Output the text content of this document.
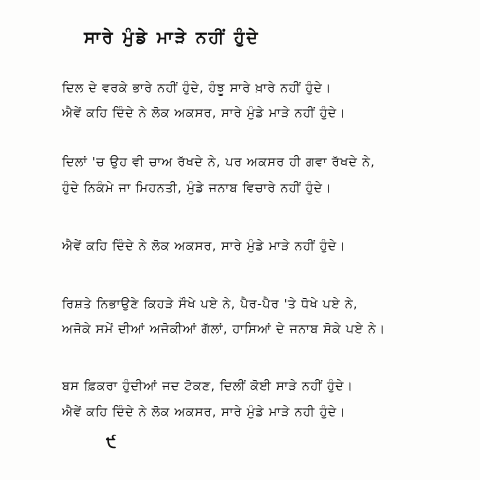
ਸਾਰੇ ਮੁੰਡੇ ਮਾੜੇ ਨਹੀਂ ਹੁੰਦੇ

ਦਿਲ ਦੇ ਵਰਕੇ ਭਾਰੇ ਨਹੀਂ ਹੁੰਦੇ, ਹੰਝੂ ਸਾਰੇ ਖ਼ਾਰੇ ਨਹੀਂ ਹੁੰਦੇ।

ਐਵੇਂ ਕਹਿ ਦਿੰਦੇ ਨੇ ਲੋਕ ਅਕਸਰ, ਸਾਰੇ ਮੁੰਡੇ ਮਾੜੇ ਨਹੀਂ ਹੁੰਦੇ।

ਦਿਲਾਂ 'ਚ ਉਹ ਵੀ ਚਾਅ ਰੱਖਦੇ ਨੇ, ਪਰ ਅਕਸਰ ਹੀ ਗਵਾ ਰੱਖਦੇ ਨੇ,

ਹੁੰਦੇ ਨਿਕੰਮੇ ਜਾ ਮਿਹਨਤੀ, ਮੁੰਡੇ ਜਨਾਬ ਵਿਚਾਰੇ ਨਹੀਂ ਹੁੰਦੇ।

ਐਵੇਂ ਕਹਿ ਦਿੰਦੇ ਨੇ ਲੋਕ ਅਕਸਰ, ਸਾਰੇ ਮੁੰਡੇ ਮਾੜੇ ਨਹੀਂ ਹੁੰਦੇ।

ਰਿਸ਼ਤੇ ਨਿਭਾਉਣੇ ਕਿਹੜੇ ਸੌਖੇ ਪਏ ਨੇ, ਪੈਰ-ਪੈਰ 'ਤੇ ਧੋਖੇ ਪਏ ਨੇ,

ਅਜੋਕੇ ਸਮੇਂ ਦੀਆਂ ਅਜੋਕੀਆਂ ਗੱਲਾਂ, ਹਾਸਿਆਂ ਦੇ ਜਨਾਬ ਸੋਕੇ ਪਏ ਨੇ।

ਬਸ ਫ਼ਿਕਰਾ ਹੁੰਦੀਆਂ ਜਦ ਟੋਕਣ, ਦਿਲੀਂ ਕੋਈ ਸਾੜੇ ਨਹੀਂ ਹੁੰਦੇ।

ਐਵੇਂ ਕਹਿ ਦਿੰਦੇ ਨੇ ਲੋਕ ਅਕਸਰ, ਸਾਰੇ ਮੁੰਡੇ ਮਾੜੇ ਨਹੀ ਹੁੰਦੇ।

੯
